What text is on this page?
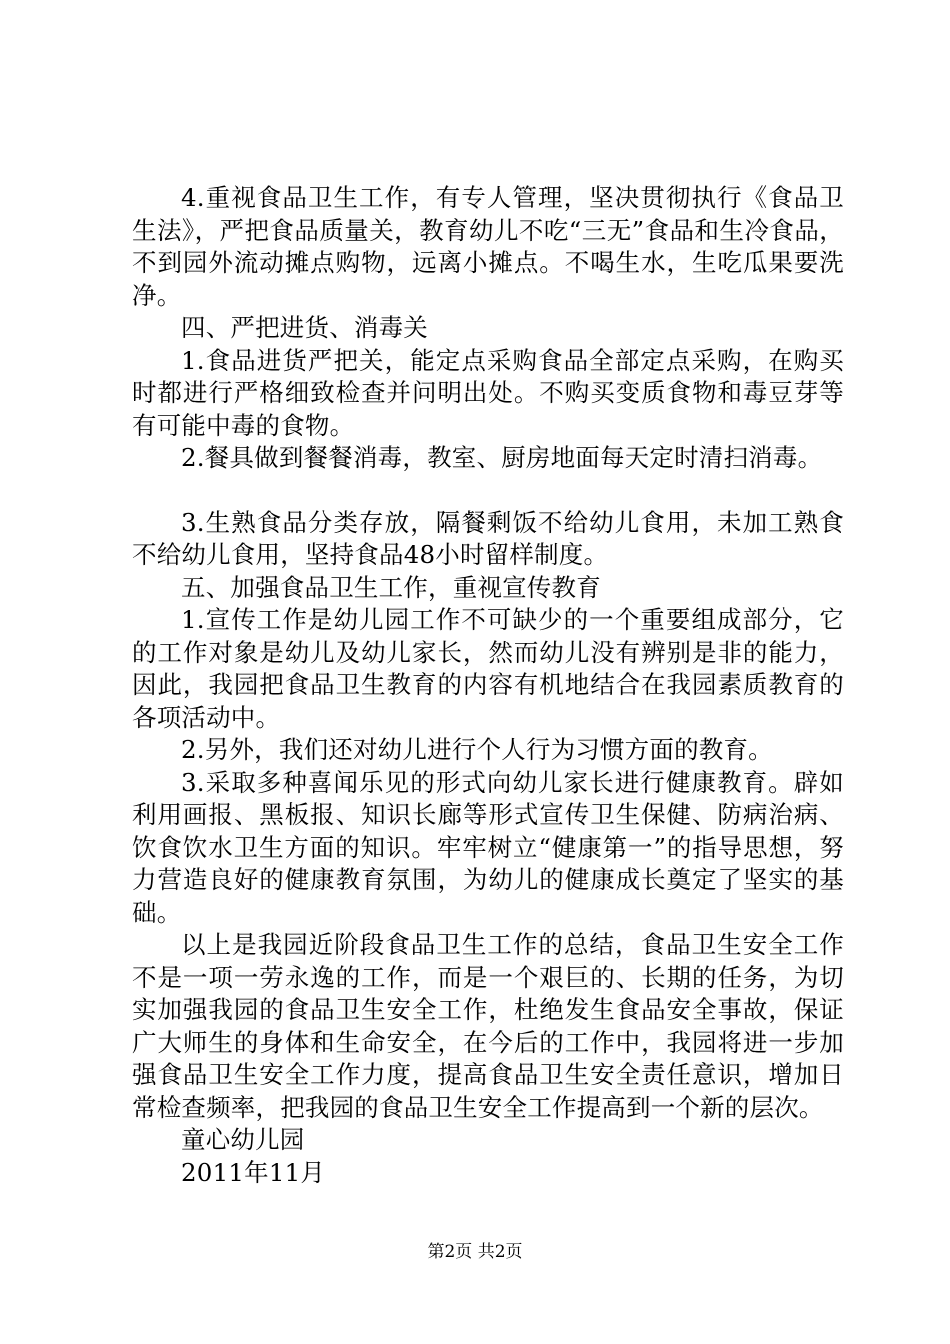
4.重视食品卫生工作，有专人管理，坚决贯彻执行《食品卫生法》，严把食品质量关，教育幼儿不吃“三无”食品和生冷食品，不到园外流动摊点购物，远离小摊点。不喝生水，生吃瓜果要洗净。

四、严把进货、消毒关

1.食品进货严把关，能定点采购食品全部定点采购，在购买时都进行严格细致检查并问明出处。不购买变质食物和毒豆芽等有可能中毒的食物。

2.餐具做到餐餐消毒，教室、厨房地面每天定时清扫消毒。

3.生熟食品分类存放，隔餐剩饭不给幼儿食用，未加工熟食不给幼儿食用，坚持食品48小时留样制度。

五、加强食品卫生工作，重视宣传教育

1.宣传工作是幼儿园工作不可缺少的一个重要组成部分，它的工作对象是幼儿及幼儿家长，然而幼儿没有辨别是非的能力，因此，我园把食品卫生教育的内容有机地结合在我园素质教育的各项活动中。

2.另外，我们还对幼儿进行个人行为习惯方面的教育。

3.采取多种喜闻乐见的形式向幼儿家长进行健康教育。辟如利用画报、黑板报、知识长廊等形式宣传卫生保健、防病治病、饮食饮水卫生方面的知识。牢牢树立“健康第一”的指导思想，努力营造良好的健康教育氛围，为幼儿的健康成长奠定了坚实的基础。

以上是我园近阶段食品卫生工作的总结，食品卫生安全工作不是一项一劳永逸的工作，而是一个艰巨的、长期的任务，为切实加强我园的食品卫生安全工作，杜绝发生食品安全事故，保证广大师生的身体和生命安全，在今后的工作中，我园将进一步加强食品卫生安全工作力度，提高食品卫生安全责任意识，增加日常检查频率，把我园的食品卫生安全工作提高到一个新的层次。

童心幼儿园

2011年11月

第2页 共2页
